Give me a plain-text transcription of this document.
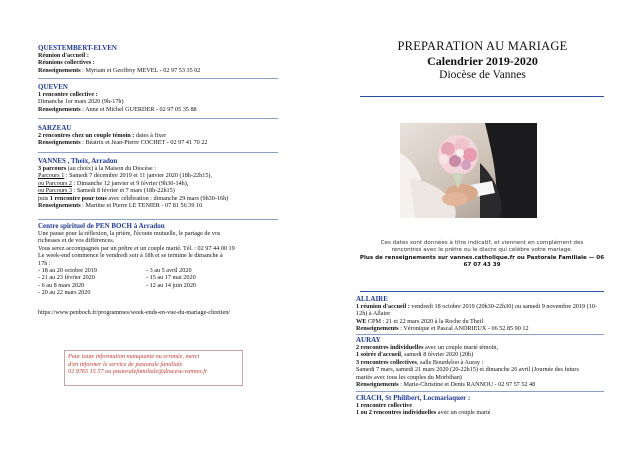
QUESTEMBERT-ELVEN
Réunion d'accueil :
Réunions collectives :
Renseignements : Myriam et Geoffroy MEVEL - 02 97 53 35 02
QUEVEN
1 rencontre collective :
Dimanche 1er mars 2020 (9h-17h)
Renseignements : Anne et Michel GUERDER - 02 97 05 35 88
SARZEAU
2 rencontres chez un couple témoin : dates à fixer
Renseignements : Béatrix et Jean-Pierre COCHET - 02 97 41 70 22
VANNES , Theix, Arradon
3 parcours (au choix) à la Maison du Diocèse :
Parcours 1 : Samedi 7 décembre 2019 et 11 janvier 2020 (18h-22h15),
ou Parcours 2 : Dimanche 12 janvier et 9 février (9h30-14h),
ou Parcours 3 : Samedi 8 février et 7 mars (18h-22h15)
puis 1 rencontre pour tous avec célébration : dimanche 29 mars (9h30-16h)
Renseignements : Martine et Pierre LE TENIER - 07 81 56 39 10
Centre spirituel de PEN BOCH à Arradon
Une pause pour la réflexion, la prière, l'écoute mutuelle, le partage de vos
richesses et de vos différences.
Vous serez accompagnés par un prêtre et un couple marié. Tél. : 02 97 44 00 19
Le week-end commence le vendredi soir à 18h et se termine le dimanche à
17h :
- 18 au 20 octobre 2019
- 21 au 23 février 2020
- 6 au 8 mars 2020
- 20 au 22 mars 2020
- 3 au 5 avril 2020
- 15 au 17 mai 2020
- 12 au 14 juin 2020
https://www.penboch.fr/programmes/week-ends-en-vue-du-mariage-chretien/
Pour toute information manquante ou erronée, merci
d'en informer le service de pastorale familiale
02 9765 15 57 ou pastoralefamiliale@diocese-vannes.fr
PREPARATION AU MARIAGE
Calendrier 2019-2020
Diocèse de Vannes
Ces dates sont données à titre indicatif, et viennent en complément des
rencontres avec le prêtre ou le diacre qui célèbre votre mariage.
Plus de renseignements sur vannes.catholique.fr ou Pastorale Familiale — 06 67 07 43 39
ALLAIRE
1 réunion d'accueil : vendredi 18 octobre 2019 (20h30-22h30) ou samedi 9 novembre 2019 (10-
12h) à Allaire
WE CPM : 21 et 22 mars 2020 à la Roche du Theil
Renseignements : Véronique et Pascal ANDRIEUX - 06 52 85 90 12
AURAY
2 rencontres individuelles avec un couple marié témoin,
1 soirée d'accueil, samedi 8 février 2020 (20h)
3 rencontres collectives, salle Bourdeloo à Auray :
Samedi 7 mars, samedi 21 mars 2020 (20-22h15) et dimanche 26 avril (Journée des futurs
mariés avec tous les couples du Morbihan)
Renseignements : Marie-Christine et Denis RANNOU - 02 97 57 52 48
CRACH, St Philibert, Locmariaquer :
1 rencontre collective
1 ou 2 rencontres individuelles avec un couple marié
